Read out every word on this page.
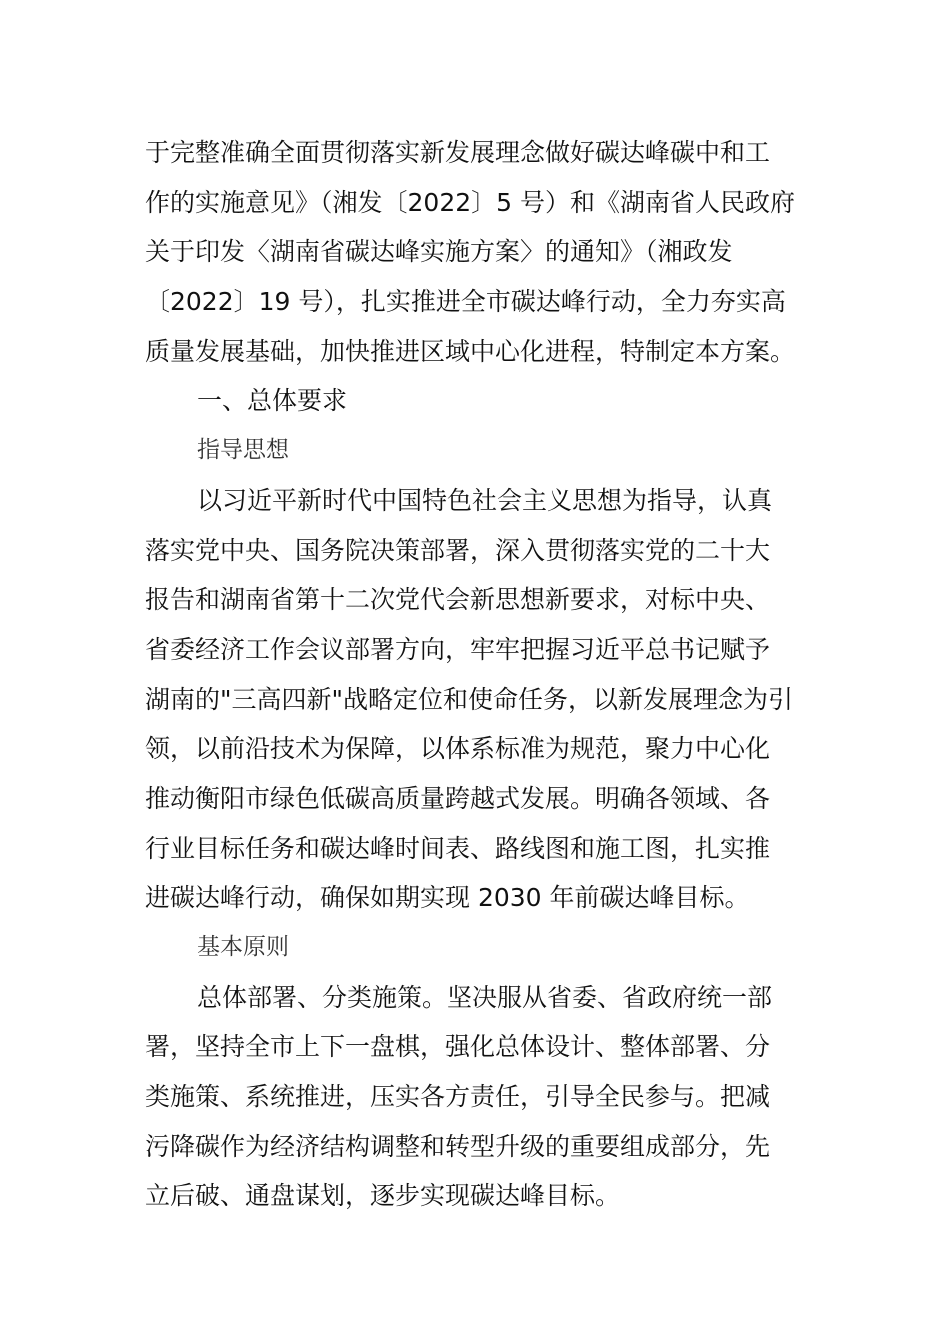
于完整准确全面贯彻落实新发展理念做好碳达峰碳中和工
作的实施意见》（湘发〔2022〕5 号）和《湖南省人民政府
关于印发〈湖南省碳达峰实施方案〉的通知》（湘政发
〔2022〕19 号），扎实推进全市碳达峰行动，全力夯实高
质量发展基础，加快推进区域中心化进程，特制定本方案。
一、总体要求
指导思想
以习近平新时代中国特色社会主义思想为指导，认真
落实党中央、国务院决策部署，深入贯彻落实党的二十大
报告和湖南省第十二次党代会新思想新要求，对标中央、
省委经济工作会议部署方向，牢牢把握习近平总书记赋予
湖南的"三高四新"战略定位和使命任务，以新发展理念为引
领，以前沿技术为保障，以体系标准为规范，聚力中心化
推动衡阳市绿色低碳高质量跨越式发展。明确各领域、各
行业目标任务和碳达峰时间表、路线图和施工图，扎实推
进碳达峰行动，确保如期实现 2030 年前碳达峰目标。
基本原则
总体部署、分类施策。坚决服从省委、省政府统一部
署，坚持全市上下一盘棋，强化总体设计、整体部署、分
类施策、系统推进，压实各方责任，引导全民参与。把减
污降碳作为经济结构调整和转型升级的重要组成部分，先
立后破、通盘谋划，逐步实现碳达峰目标。
